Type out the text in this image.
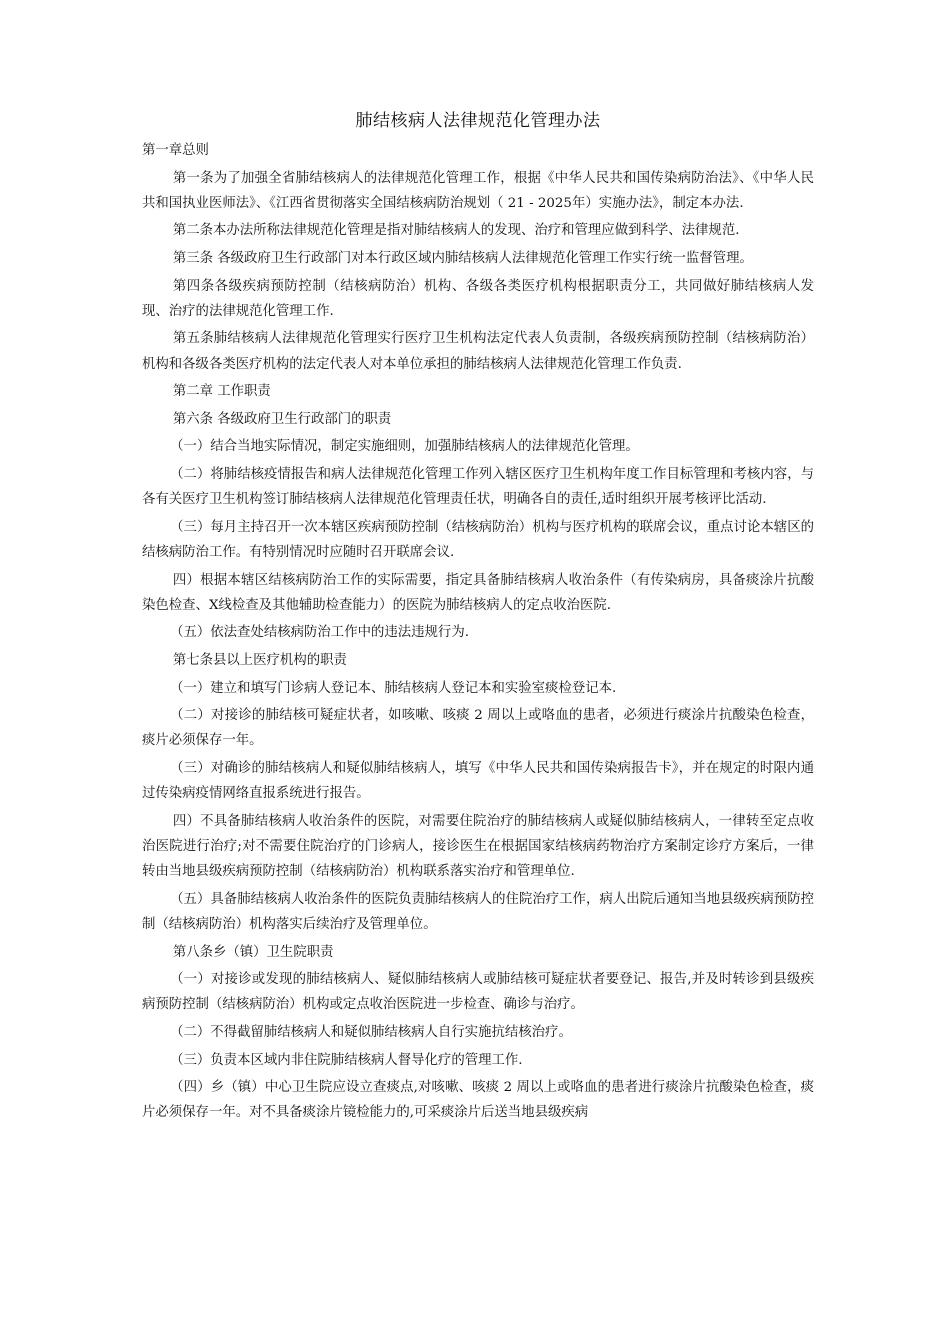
肺结核病人法律规范化管理办法
第一章总则
第一条为了加强全省肺结核病人的法律规范化管理工作，根据《中华人民共和国传染病防治法》、《中华人民共和国执业医师法》、《江西省贯彻落实全国结核病防治规划（ 21 - 2025年）实施办法》，制定本办法.
第二条本办法所称法律规范化管理是指对肺结核病人的发现、治疗和管理应做到科学、法律规范.
第三条 各级政府卫生行政部门对本行政区域内肺结核病人法律规范化管理工作实行统一监督管理。
第四条各级疾病预防控制（结核病防治）机构、各级各类医疗机构根据职责分工，共同做好肺结核病人发现、治疗的法律规范化管理工作.
第五条肺结核病人法律规范化管理实行医疗卫生机构法定代表人负责制，各级疾病预防控制（结核病防治）机构和各级各类医疗机构的法定代表人对本单位承担的肺结核病人法律规范化管理工作负责.
第二章 工作职责
第六条 各级政府卫生行政部门的职责
（一）结合当地实际情况，制定实施细则，加强肺结核病人的法律规范化管理。
（二）将肺结核疫情报告和病人法律规范化管理工作列入辖区医疗卫生机构年度工作目标管理和考核内容，与各有关医疗卫生机构签订肺结核病人法律规范化管理责任状，明确各自的责任,适时组织开展考核评比活动.
（三）每月主持召开一次本辖区疾病预防控制（结核病防治）机构与医疗机构的联席会议，重点讨论本辖区的结核病防治工作。有特别情况时应随时召开联席会议.
四）根据本辖区结核病防治工作的实际需要，指定具备肺结核病人收治条件（有传染病房，具备痰涂片抗酸染色检查、X线检查及其他辅助检查能力）的医院为肺结核病人的定点收治医院.
（五）依法查处结核病防治工作中的违法违规行为.
第七条县以上医疗机构的职责
（一）建立和填写门诊病人登记本、肺结核病人登记本和实验室痰检登记本.
（二）对接诊的肺结核可疑症状者，如咳嗽、咳痰 2 周以上或咯血的患者，必须进行痰涂片抗酸染色检查，痰片必须保存一年。
（三）对确诊的肺结核病人和疑似肺结核病人，填写《中华人民共和国传染病报告卡》，并在规定的时限内通过传染病疫情网络直报系统进行报告。
四）不具备肺结核病人收治条件的医院，对需要住院治疗的肺结核病人或疑似肺结核病人，一律转至定点收治医院进行治疗;对不需要住院治疗的门诊病人，接诊医生在根据国家结核病药物治疗方案制定诊疗方案后，一律转由当地县级疾病预防控制（结核病防治）机构联系落实治疗和管理单位.
（五）具备肺结核病人收治条件的医院负责肺结核病人的住院治疗工作，病人出院后通知当地县级疾病预防控制（结核病防治）机构落实后续治疗及管理单位。
第八条乡（镇）卫生院职责
（一）对接诊或发现的肺结核病人、疑似肺结核病人或肺结核可疑症状者要登记、报告,并及时转诊到县级疾病预防控制（结核病防治）机构或定点收治医院进一步检查、确诊与治疗。
（二）不得截留肺结核病人和疑似肺结核病人自行实施抗结核治疗。
（三）负责本区域内非住院肺结核病人督导化疗的管理工作.
（四）乡（镇）中心卫生院应设立查痰点,对咳嗽、咳痰 2 周以上或咯血的患者进行痰涂片抗酸染色检查，痰片必须保存一年。对不具备痰涂片镜检能力的,可采痰涂片后送当地县级疾病
